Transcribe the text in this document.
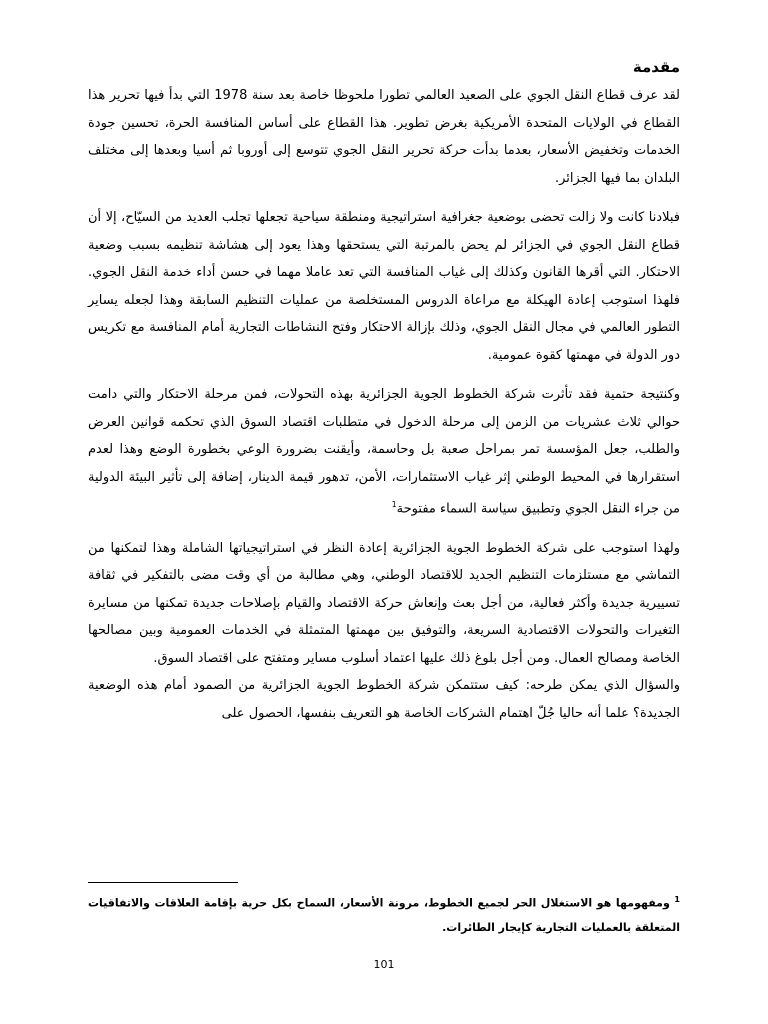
مقدمة

لقد عرف قطاع النقل الجوي على الصعيد العالمي تطورا ملحوظا خاصة بعد سنة 1978 التي بدأ فيها تحرير هذا القطاع في الولايات المتحدة الأمريكية بغرض تطوير. هذا القطاع على أساس المنافسة الحرة، تحسين جودة الخدمات وتخفيض الأسعار، بعدما بدأت حركة تحرير النقل الجوي تتوسع إلى أوروبا ثم أسيا وبعدها إلى مختلف البلدان بما فيها الجزائر.

فبلادنا كانت ولا زالت تحضى بوضعية جغرافية استراتيجية ومنطقة سياحية تجعلها تجلب العديد من السيّاح، إلا أن قطاع النقل الجوي في الجزائر لم يحض بالمرتبة التي يستحقها وهذا يعود إلى هشاشة تنظيمه بسبب وضعية الاحتكار. التي أقرها القانون وكذلك إلى غياب المنافسة التي تعد عاملا مهما في حسن أداء خدمة النقل الجوي. فلهذا استوجب إعادة الهيكلة مع مراعاة الدروس المستخلصة من عمليات التنظيم السابقة وهذا لجعله يساير التطور العالمي في مجال النقل الجوي، وذلك بإزالة الاحتكار وفتح النشاطات التجارية أمام المنافسة مع تكريس دور الدولة في مهمتها كقوة عمومية.

وكنتيجة حتمية فقد تأثرت شركة الخطوط الجوية الجزائرية بهذه التحولات، فمن مرحلة الاحتكار والتي دامت حوالي ثلاث عشريات من الزمن إلى مرحلة الدخول في متطلبات اقتصاد السوق الذي تحكمه قوانين العرض والطلب، جعل المؤسسة تمر بمراحل صعبة بل وحاسمة، وأيقنت بضرورة الوعي بخطورة الوضع وهذا لعدم استقرارها في المحيط الوطني إثر غياب الاستثمارات، الأمن، تدهور قيمة الدينار، إضافة إلى تأثير البيئة الدولية من جراء النقل الجوي وتطبيق سياسة السماء مفتوحة$^1$

ولهذا استوجب على شركة الخطوط الجوية الجزائرية إعادة النظر في استراتيجياتها الشاملة وهذا لتمكنها من التماشي مع مستلزمات التنظيم الجديد للاقتصاد الوطني، وهي مطالبة من أي وقت مضى بالتفكير في ثقافة تسييرية جديدة وأكثر فعالية، من أجل بعث وإنعاش حركة الاقتصاد والقيام بإصلاحات جديدة تمكنها من مسايرة التغيرات والتحولات الاقتصادية السريعة، والتوفيق بين مهمتها المتمثلة في الخدمات العمومية وبين مصالحها الخاصة ومصالح العمال. ومن أجل بلوغ ذلك عليها اعتماد أسلوب مساير ومتفتح على اقتصاد السوق.

والسؤال الذي يمكن طرحه: كيف ستتمكن شركة الخطوط الجوية الجزائرية من الصمود أمام هذه الوضعية الجديدة؟ علما أنه حاليا جُلّ اهتمام الشركات الخاصة هو التعريف بنفسها، الحصول على

$^1$ ومفهومها هو الاستغلال الحر لجميع الخطوط، مرونة الأسعار، السماح بكل حرية بإقامة العلاقات والاتفاقيات المتعلقة بالعمليات التجارية كإيجار الطائرات.
101
